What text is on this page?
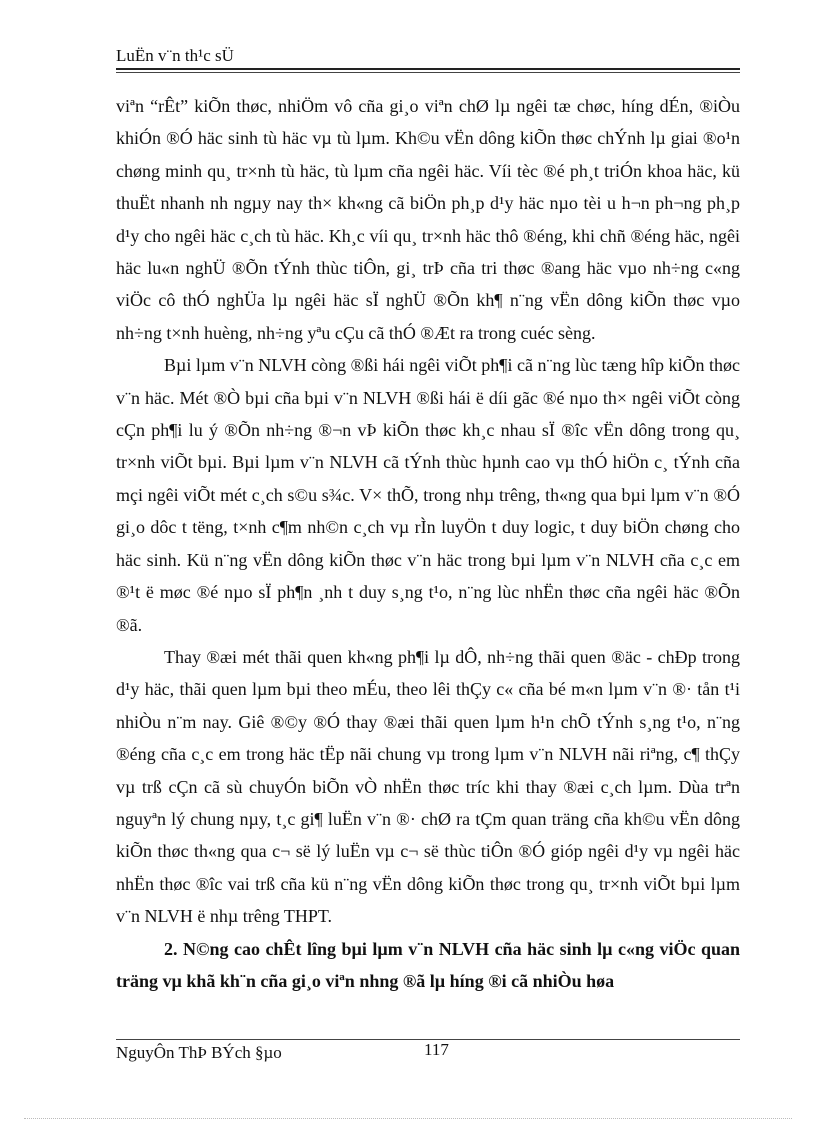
LuËn v¨n th¹c sÜ

viªn “rÊt” kiÕn thøc, nhiÖm vô cña gi¸o viªn chØ lµ ngêi tæ chøc, híng dÉn, ®iÒu khiÓn ®Ó häc sinh tù häc vµ tù lµm. Kh©u vËn dông kiÕn thøc chÝnh lµ giai ®o¹n chøng minh qu¸ tr×nh tù häc, tù lµm cña ngêi häc. Víi tèc ®é ph¸t triÓn khoa häc, kü thuËt nhanh nh ngµy nay th× kh«ng cã biÖn ph¸p d¹y häc nµo tèi u h¬n ph¬ng ph¸p d¹y cho ngêi häc c¸ch tù häc. Kh¸c víi qu¸ tr×nh häc thô ®éng, khi chñ ®éng häc, ngêi häc lu«n nghÜ ®Õn tÝnh thùc tiÔn, gi¸ trÞ cña tri thøc ®ang häc vµo nh÷ng c«ng viÖc cô thÓ nghÜa lµ ngêi häc sÏ nghÜ ®Õn kh¶ n¨ng vËn dông kiÕn thøc vµo nh÷ng t×nh huèng, nh÷ng yªu cÇu cã thÓ ®Æt ra trong cuéc sèng.

Bµi lµm v¨n NLVH còng ®ßi hái ngêi viÕt ph¶i cã n¨ng lùc tæng hîp kiÕn thøc v¨n häc. Mét ®Ò bµi cña bµi v¨n NLVH ®ßi hái ë díi gãc ®é nµo th× ngêi viÕt còng cÇn ph¶i lu ý ®Õn nh÷ng ®¬n vÞ kiÕn thøc kh¸c nhau sÏ ®îc vËn dông trong qu¸ tr×nh viÕt bµi. Bµi lµm v¨n NLVH cã tÝnh thùc hµnh cao vµ thÓ hiÖn c¸ tÝnh cña mçi ngêi viÕt mét c¸ch s©u s¾c. V× thÕ, trong nhµ trêng, th«ng qua bµi lµm v¨n ®Ó gi¸o dôc t tëng, t×nh c¶m nh©n c¸ch vµ rÌn luyÖn t duy logic, t duy biÖn chøng cho häc sinh. Kü n¨ng vËn dông kiÕn thøc v¨n häc trong bµi lµm v¨n NLVH cña c¸c em ®¹t ë møc ®é nµo sÏ ph¶n ¸nh t duy s¸ng t¹o, n¨ng lùc nhËn thøc cña ngêi häc ®Õn ®ã.

Thay ®æi mét thãi quen kh«ng ph¶i lµ dÔ, nh÷ng thãi quen ®äc - chÐp trong d¹y häc, thãi quen lµm bµi theo mÉu, theo lêi thÇy c« cña bé m«n lµm v¨n ®· tån t¹i nhiÒu n¨m nay. Giê ®©y ®Ó thay ®æi thãi quen lµm h¹n chÕ tÝnh s¸ng t¹o, n¨ng ®éng cña c¸c em trong häc tËp nãi chung vµ trong lµm v¨n NLVH nãi riªng, c¶ thÇy vµ trß cÇn cã sù chuyÓn biÕn vÒ nhËn thøc tríc khi thay ®æi c¸ch lµm. Dùa trªn nguyªn lý chung nµy, t¸c gi¶ luËn v¨n ®· chØ ra tÇm quan träng cña kh©u vËn dông kiÕn thøc th«ng qua c¬ së lý luËn vµ c¬ së thùc tiÔn ®Ó gióp ngêi d¹y vµ ngêi häc nhËn thøc ®îc vai trß cña kü n¨ng vËn dông kiÕn thøc trong qu¸ tr×nh viÕt bµi lµm v¨n NLVH ë nhµ trêng THPT.

2. N©ng cao chÊt lîng bµi lµm v¨n NLVH cña häc sinh lµ c«ng viÖc quan träng vµ khã kh¨n cña gi¸o viªn nhng ®ã lµ híng ®i cã nhiÒu høa

NguyÔn ThÞ BÝch §µo	117
